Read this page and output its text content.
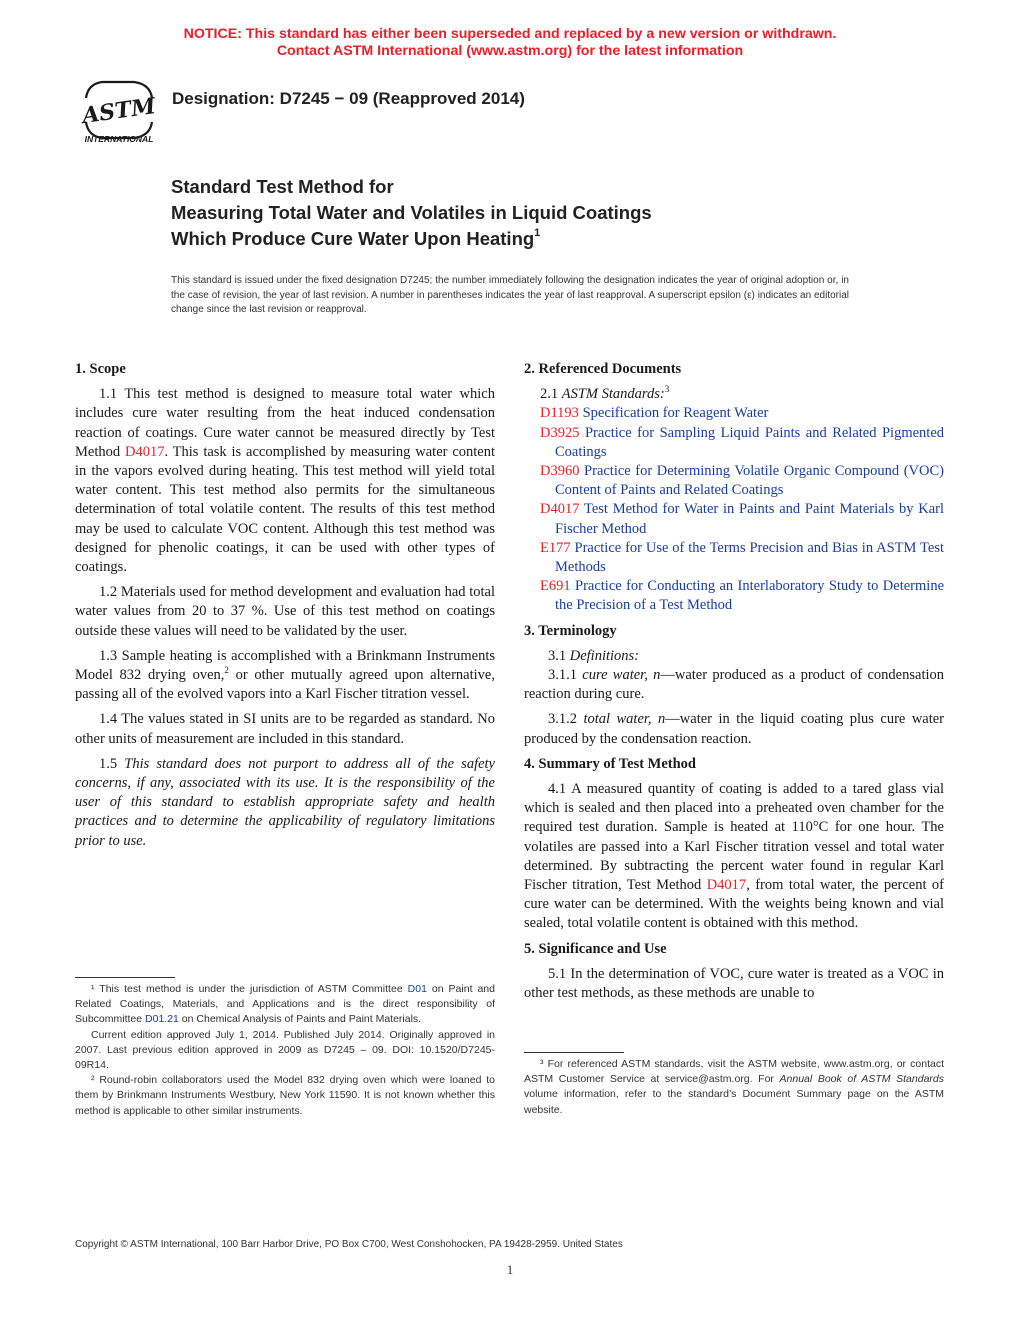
NOTICE: This standard has either been superseded and replaced by a new version or withdrawn.
Contact ASTM International (www.astm.org) for the latest information
ASTM
INTERNATIONAL
Designation: D7245 − 09 (Reapproved 2014)
Standard Test Method for
Measuring Total Water and Volatiles in Liquid Coatings
Which Produce Cure Water Upon Heating$^1$
This standard is issued under the fixed designation D7245; the number immediately following the designation indicates the year of original adoption or, in the case of revision, the year of last revision. A number in parentheses indicates the year of last reapproval. A superscript epsilon (ε) indicates an editorial change since the last revision or reapproval.

1. Scope

1.1 This test method is designed to measure total water which includes cure water resulting from the heat induced condensation reaction of coatings. Cure water cannot be measured directly by Test Method D4017. This task is accomplished by measuring water content in the vapors evolved during heating. This test method will yield total water content. This test method also permits for the simultaneous determination of total volatile content. The results of this test method may be used to calculate VOC content. Although this test method was designed for phenolic coatings, it can be used with other types of coatings.

1.2 Materials used for method development and evaluation had total water values from 20 to 37 %. Use of this test method on coatings outside these values will need to be validated by the user.

1.3 Sample heating is accomplished with a Brinkmann Instruments Model 832 drying oven,$^2$ or other mutually agreed upon alternative, passing all of the evolved vapors into a Karl Fischer titration vessel.

1.4 The values stated in SI units are to be regarded as standard. No other units of measurement are included in this standard.

1.5 This standard does not purport to address all of the safety concerns, if any, associated with its use. It is the responsibility of the user of this standard to establish appropriate safety and health practices and to determine the applicability of regulatory limitations prior to use.

2. Referenced Documents

2.1 ASTM Standards:$^3$

D1193 Specification for Reagent Water

D3925 Practice for Sampling Liquid Paints and Related Pigmented Coatings

D3960 Practice for Determining Volatile Organic Compound (VOC) Content of Paints and Related Coatings

D4017 Test Method for Water in Paints and Paint Materials by Karl Fischer Method

E177 Practice for Use of the Terms Precision and Bias in ASTM Test Methods

E691 Practice for Conducting an Interlaboratory Study to Determine the Precision of a Test Method

3. Terminology

3.1 Definitions:

3.1.1 cure water, n—water produced as a product of condensation reaction during cure.

3.1.2 total water, n—water in the liquid coating plus cure water produced by the condensation reaction.

4. Summary of Test Method

4.1 A measured quantity of coating is added to a tared glass vial which is sealed and then placed into a preheated oven chamber for the required test duration. Sample is heated at 110°C for one hour. The volatiles are passed into a Karl Fischer titration vessel and total water determined. By subtracting the percent water found in regular Karl Fischer titration, Test Method D4017, from total water, the percent of cure water can be determined. With the weights being known and vial sealed, total volatile content is obtained with this method.

5. Significance and Use

5.1 In the determination of VOC, cure water is treated as a VOC in other test methods, as these methods are unable to

¹ This test method is under the jurisdiction of ASTM Committee D01 on Paint and Related Coatings, Materials, and Applications and is the direct responsibility of Subcommittee D01.21 on Chemical Analysis of Paints and Paint Materials.

Current edition approved July 1, 2014. Published July 2014. Originally approved in 2007. Last previous edition approved in 2009 as D7245 – 09. DOI: 10.1520/D7245-09R14.

² Round-robin collaborators used the Model 832 drying oven which were loaned to them by Brinkmann Instruments Westbury, New York 11590. It is not known whether this method is applicable to other similar instruments.

³ For referenced ASTM standards, visit the ASTM website, www.astm.org, or contact ASTM Customer Service at service@astm.org. For Annual Book of ASTM Standards volume information, refer to the standard’s Document Summary page on the ASTM website.

Copyright © ASTM International, 100 Barr Harbor Drive, PO Box C700, West Conshohocken, PA 19428-2959. United States
1
